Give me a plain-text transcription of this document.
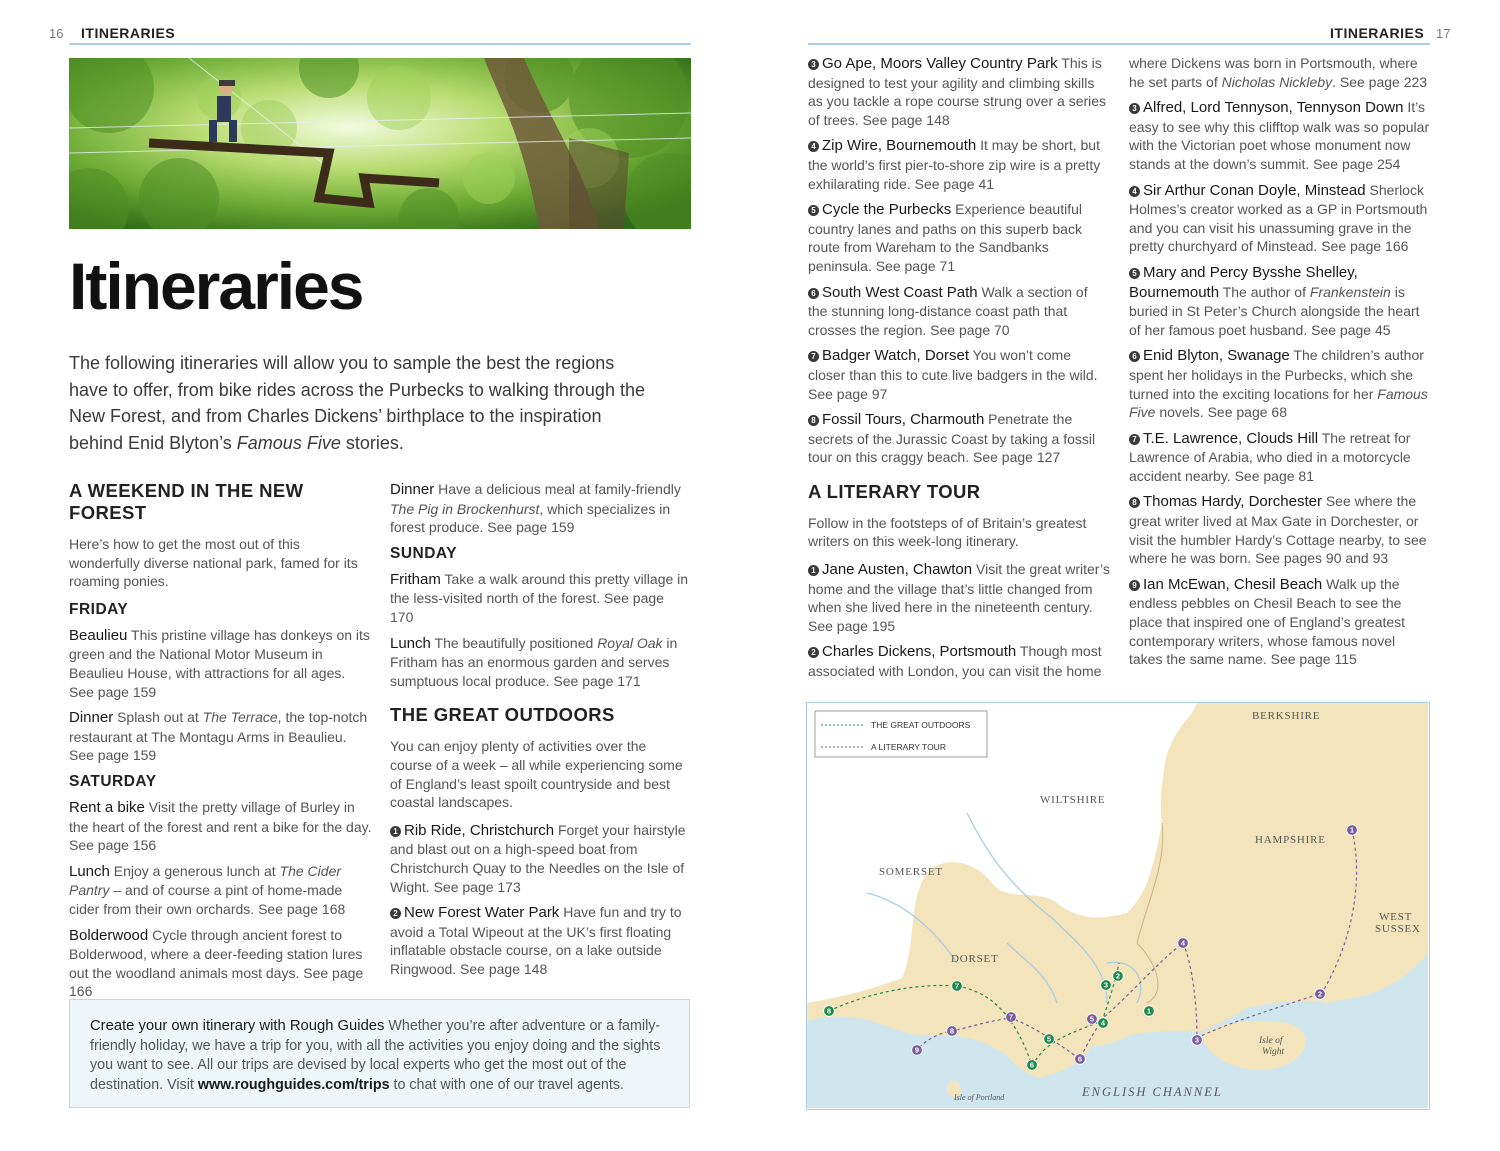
16 ITINERARIES
Itineraries

The following itineraries will allow you to sample the best the regions have to offer, from bike rides across the Purbecks to walking through the New Forest, and from Charles Dickens’ birthplace to the inspiration behind Enid Blyton’s Famous Five stories.

A WEEKEND IN THE NEW FOREST

Here’s how to get the most out of this wonderfully diverse national park, famed for its roaming ponies.

FRIDAY

Beaulieu This pristine village has donkeys on its green and the National Motor Museum in Beaulieu House, with attractions for all ages. See page 159

Dinner Splash out at The Terrace, the top-notch restaurant at The Montagu Arms in Beaulieu. See page 159

SATURDAY

Rent a bike Visit the pretty village of Burley in the heart of the forest and rent a bike for the day. See page 156

Lunch Enjoy a generous lunch at The Cider Pantry – and of course a pint of home-made cider from their own orchards. See page 168

Bolderwood Cycle through ancient forest to Bolderwood, where a deer-feeding station lures out the woodland animals most days. See page 166

Dinner Have a delicious meal at family-friendly The Pig in Brockenhurst, which specializes in forest produce. See page 159

SUNDAY

Fritham Take a walk around this pretty village in the less-visited north of the forest. See page 170

Lunch The beautifully positioned Royal Oak in Fritham has an enormous garden and serves sumptuous local produce. See page 171

THE GREAT OUTDOORS

You can enjoy plenty of activities over the course of a week – all while experiencing some of England’s least spoilt countryside and best coastal landscapes.

1 Rib Ride, Christchurch Forget your hairstyle and blast out on a high-speed boat from Christchurch Quay to the Needles on the Isle of Wight. See page 173

2 New Forest Water Park Have fun and try to avoid a Total Wipeout at the UK’s first floating inflatable obstacle course, on a lake outside Ringwood. See page 148

Create your own itinerary with Rough Guides Whether you’re after adventure or a family-friendly holiday, we have a trip for you, with all the activities you enjoy doing and the sights you want to see. All our trips are devised by local experts who get the most out of the destination. Visit www.roughguides.com/trips to chat with one of our travel agents.
17
ITINERARIES

3 Go Ape, Moors Valley Country Park This is designed to test your agility and climbing skills as you tackle a rope course strung over a series of trees. See page 148

4 Zip Wire, Bournemouth It may be short, but the world’s first pier-to-shore zip wire is a pretty exhilarating ride. See page 41

5 Cycle the Purbecks Experience beautiful country lanes and paths on this superb back route from Wareham to the Sandbanks peninsula. See page 71

6 South West Coast Path Walk a section of the stunning long-distance coast path that crosses the region. See page 70

7 Badger Watch, Dorset You won’t come closer than this to cute live badgers in the wild. See page 97

8 Fossil Tours, Charmouth Penetrate the secrets of the Jurassic Coast by taking a fossil tour on this craggy beach. See page 127

A LITERARY TOUR

Follow in the footsteps of of Britain’s greatest writers on this week-long itinerary.

1 Jane Austen, Chawton Visit the great writer’s home and the village that’s little changed from when she lived here in the nineteenth century. See page 195

2 Charles Dickens, Portsmouth Though most associated with London, you can visit the home

where Dickens was born in Portsmouth, where he set parts of Nicholas Nickleby. See page 223

3 Alfred, Lord Tennyson, Tennyson Down It’s easy to see why this clifftop walk was so popular with the Victorian poet whose monument now stands at the down’s summit. See page 254

4 Sir Arthur Conan Doyle, Minstead Sherlock Holmes’s creator worked as a GP in Portsmouth and you can visit his unassuming grave in the pretty churchyard of Minstead. See page 166

5 Mary and Percy Bysshe Shelley, Bournemouth The author of Frankenstein is buried in St Peter’s Church alongside the heart of her famous poet husband. See page 45

6 Enid Blyton, Swanage The children’s author spent her holidays in the Purbecks, which she turned into the exciting locations for her Famous Five novels. See page 68

7 T.E. Lawrence, Clouds Hill The retreat for Lawrence of Arabia, who died in a motorcycle accident nearby. See page 81

8 Thomas Hardy, Dorchester See where the great writer lived at Max Gate in Dorchester, or visit the humbler Hardy’s Cottage nearby, to see where he was born. See pages 90 and 93

9 Ian McEwan, Chesil Beach Walk up the endless pebbles on Chesil Beach to see the place that inspired one of England’s greatest contemporary writers, whose famous novel takes the same name. See page 115

THE GREAT OUTDOORS
A LITERARY TOUR
BERKSHIRE
WILTSHIRE
HAMPSHIRE
SOMERSET
WEST
SUSSEX
DORSET
Isle of
Wight
Isle of Portland	ENGLISH CHANNEL
1
2
3
4
5
6
7
8
1
2
3
4
5
6
7
8
9
